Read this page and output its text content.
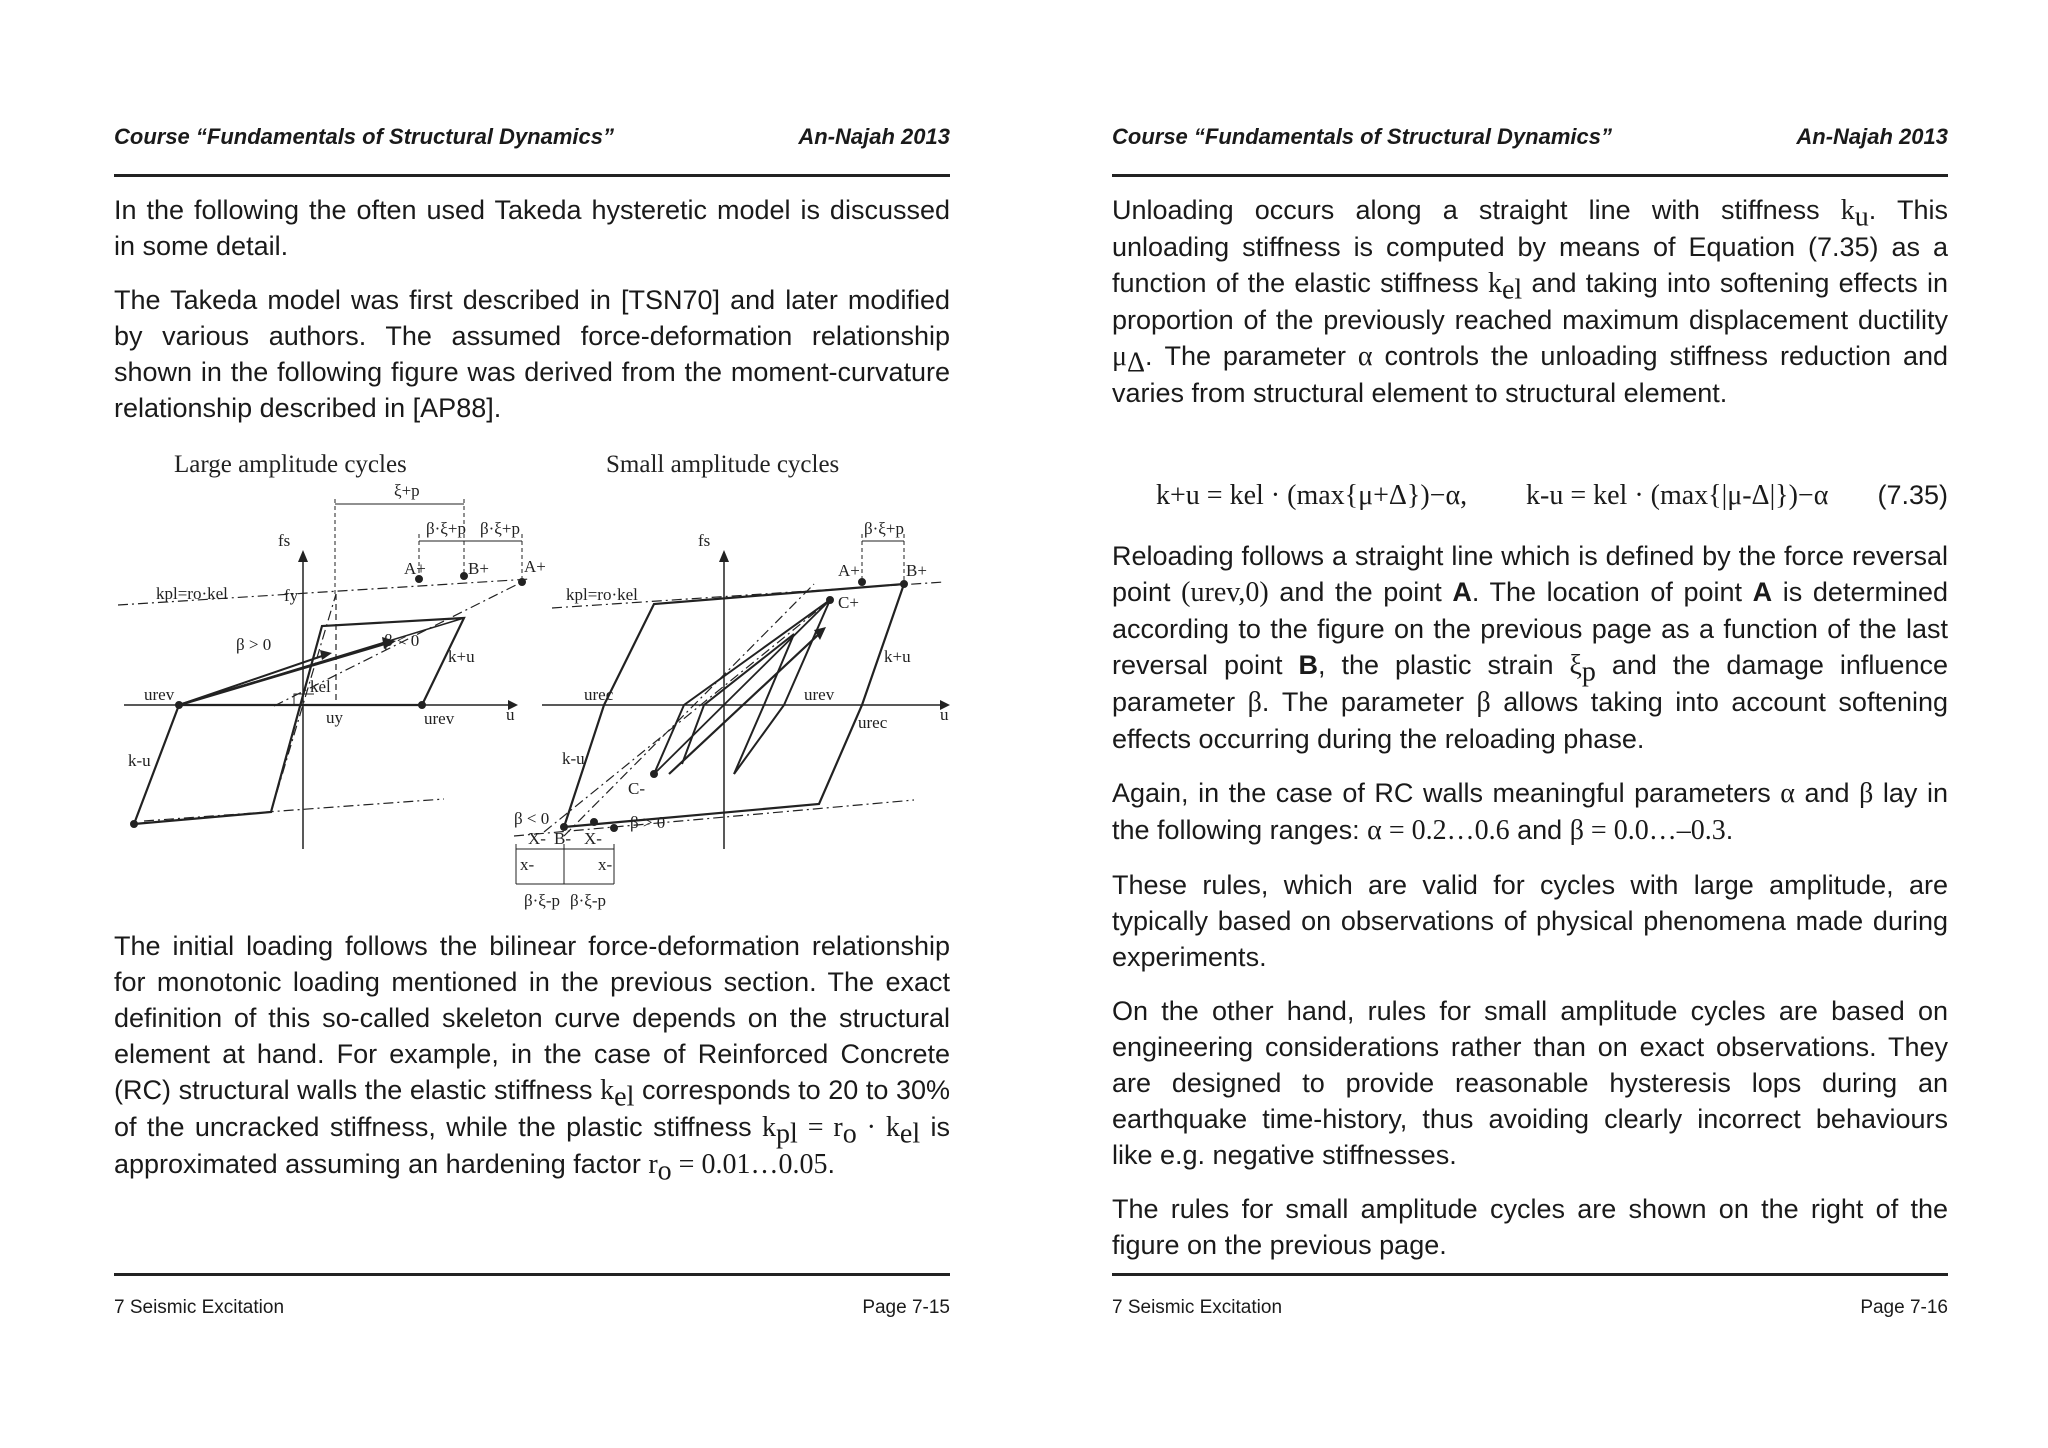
Course “Fundamentals of Structural Dynamics”	An-Najah 2013

In the following the often used Takeda hysteretic model is discussed in some detail.

The Takeda model was first described in [TSN70] and later modified by various authors. The assumed force-deformation relationship shown in the following figure was derived from the moment-curvature relationship described in [AP88].

Large amplitude cycles	Small amplitude cycles
fs
u
fy
uy
kel
kpl=ro·kel
urev
urev
k+u
k-u
A+ B+ A+
β > 0	β < 0
ξ+p
β·ξ+p β·ξ+p
fs
u
kpl=ro·kel
urec
urec
urev
k+u
k-u
A+	B+
C+
C-
β < 0	β > 0
X- B- X-
x-	x-
β·ξ-p β·ξ-p
β·ξ+p

The initial loading follows the bilinear force-deformation relationship for monotonic loading mentioned in the previous section. The exact definition of this so-called skeleton curve depends on the structural element at hand. For example, in the case of Reinforced Concrete (RC) structural walls the elastic stiffness $k_{el}$ corresponds to 20 to 30% of the uncracked stiffness, while the plastic stiffness $k_{pl} = r_o \cdot k_{el}$ is approximated assuming an hardening factor $r_o$ = 0.01…0.05.

7 Seismic Excitation	Page 7-15
Course “Fundamentals of Structural Dynamics”	An-Najah 2013

Unloading occurs along a straight line with stiffness $k_u$. This unloading stiffness is computed by means of Equation (7.35) as a function of the elastic stiffness $k_{el}$ and taking into softening effects in proportion of the previously reached maximum displacement ductility $\mu_\Delta$. The parameter α controls the unloading stiffness reduction and varies from structural element to structural element.

k+u = kel · (max{μ+Δ})−α, k-u = kel · (max{|μ-Δ|})−α (7.35)

Reloading follows a straight line which is defined by the force reversal point (urev,0) and the point A. The location of point A is determined according to the figure on the previous page as a function of the last reversal point B, the plastic strain $\xi_p$ and the damage influence parameter β. The parameter β allows taking into account softening effects occurring during the reloading phase.

Again, in the case of RC walls meaningful parameters α and β lay in the following ranges: α = 0.2…0.6 and β = 0.0…–0.3.

These rules, which are valid for cycles with large amplitude, are typically based on observations of physical phenomena made during experiments.

On the other hand, rules for small amplitude cycles are based on engineering considerations rather than on exact observations. They are designed to provide reasonable hysteresis lops during an earthquake time-history, thus avoiding clearly incorrect behaviours like e.g. negative stiffnesses.

The rules for small amplitude cycles are shown on the right of the figure on the previous page.

7 Seismic Excitation	Page 7-16
